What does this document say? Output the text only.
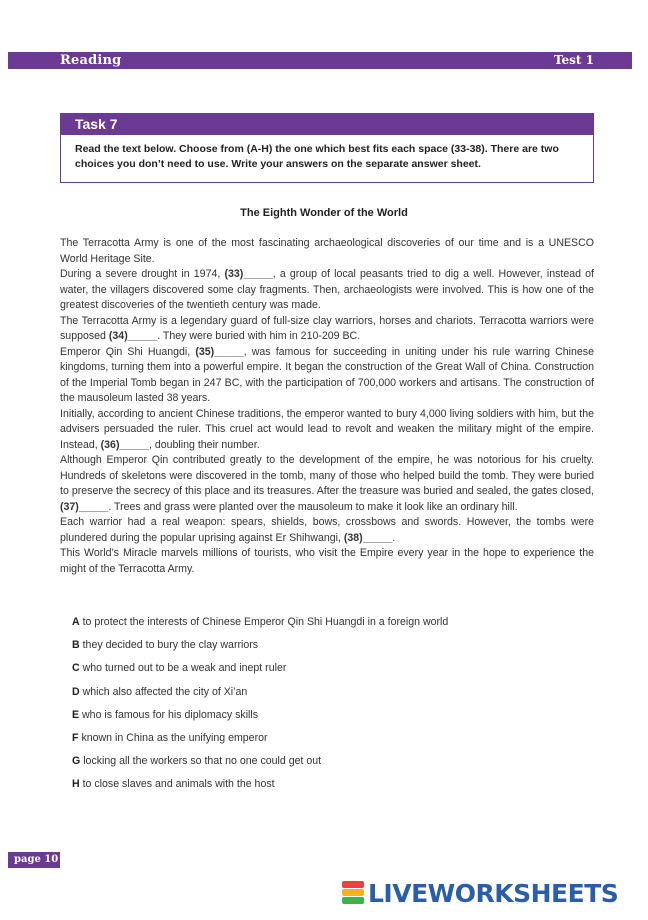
Reading	Test 1
Task 7
Read the text below. Choose from (A-H) the one which best fits each space (33-38). There are two choices you don’t need to use. Write your answers on the separate answer sheet.
The Eighth Wonder of the World

The Terracotta Army is one of the most fascinating archaeological discoveries of our time and is a UNESCO World Heritage Site.

During a severe drought in 1974, (33)_____, a group of local peasants tried to dig a well. However, instead of water, the villagers discovered some clay fragments. Then, archaeologists were involved. This is how one of the greatest discoveries of the twentieth century was made.

The Terracotta Army is a legendary guard of full-size clay warriors, horses and chariots. Terracotta warriors were supposed (34)_____. They were buried with him in 210-209 BC.

Emperor Qin Shi Huangdi, (35)_____, was famous for succeeding in uniting under his rule warring Chinese kingdoms, turning them into a powerful empire. It began the construction of the Great Wall of China. Construction of the Imperial Tomb began in 247 BC, with the participation of 700,000 workers and artisans. The construction of the mausoleum lasted 38 years.

Initially, according to ancient Chinese traditions, the emperor wanted to bury 4,000 living soldiers with him, but the advisers persuaded the ruler. This cruel act would lead to revolt and weaken the military might of the empire. Instead, (36)_____, doubling their number.

Although Emperor Qin contributed greatly to the development of the empire, he was notorious for his cruelty. Hundreds of skeletons were discovered in the tomb, many of those who helped build the tomb. They were buried to preserve the secrecy of this place and its treasures. After the treasure was buried and sealed, the gates closed, (37)_____. Trees and grass were planted over the mausoleum to make it look like an ordinary hill.

Each warrior had a real weapon: spears, shields, bows, crossbows and swords. However, the tombs were plundered during the popular uprising against Er Shihwangi, (38)_____.

This World’s Miracle marvels millions of tourists, who visit the Empire every year in the hope to experience the might of the Terracotta Army.

A to protect the interests of Chinese Emperor Qin Shi Huangdi in a foreign world
B they decided to bury the clay warriors
C who turned out to be a weak and inept ruler
D which also affected the city of Xi’an
E who is famous for his diplomacy skills
F known in China as the unifying emperor
G locking all the workers so that no one could get out
H to close slaves and animals with the host
page 10
LIVEWORKSHEETS
